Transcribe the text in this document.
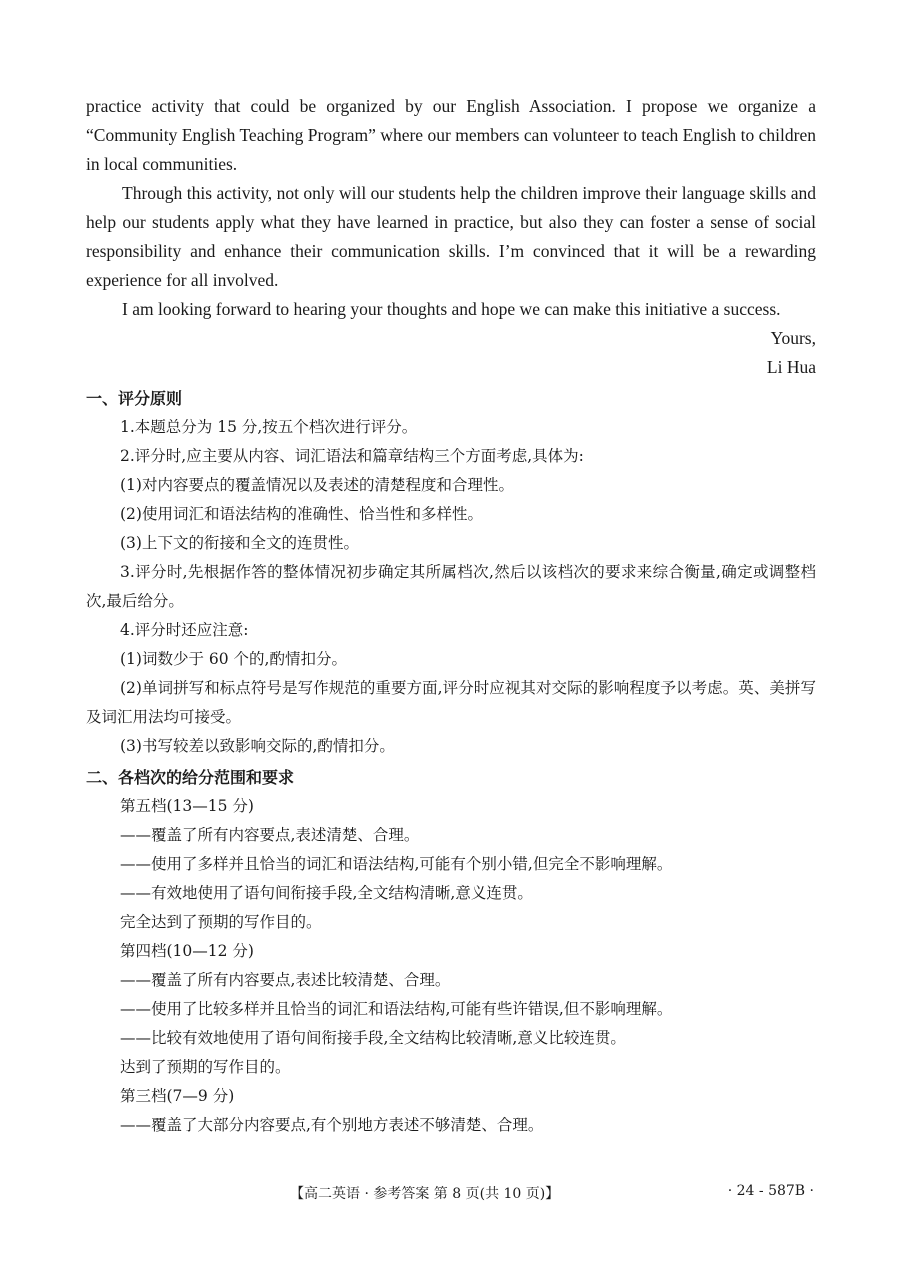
practice activity that could be organized by our English Association. I propose we organize a “Community English Teaching Program” where our members can volunteer to teach English to children in local communities.

Through this activity, not only will our students help the children improve their language skills and help our students apply what they have learned in practice, but also they can foster a sense of social responsibility and enhance their communication skills. I’m convinced that it will be a rewarding experience for all involved.

I am looking forward to hearing your thoughts and hope we can make this initiative a success.

Yours,

Li Hua

一、评分原则

1.本题总分为 15 分,按五个档次进行评分。

2.评分时,应主要从内容、词汇语法和篇章结构三个方面考虑,具体为:

(1)对内容要点的覆盖情况以及表述的清楚程度和合理性。

(2)使用词汇和语法结构的准确性、恰当性和多样性。

(3)上下文的衔接和全文的连贯性。

3.评分时,先根据作答的整体情况初步确定其所属档次,然后以该档次的要求来综合衡量,确定或调整档次,最后给分。

4.评分时还应注意:

(1)词数少于 60 个的,酌情扣分。

(2)单词拼写和标点符号是写作规范的重要方面,评分时应视其对交际的影响程度予以考虑。英、美拼写及词汇用法均可接受。

(3)书写较差以致影响交际的,酌情扣分。

二、各档次的给分范围和要求

第五档(13—15 分)

——覆盖了所有内容要点,表述清楚、合理。

——使用了多样并且恰当的词汇和语法结构,可能有个别小错,但完全不影响理解。

——有效地使用了语句间衔接手段,全文结构清晰,意义连贯。

完全达到了预期的写作目的。

第四档(10—12 分)

——覆盖了所有内容要点,表述比较清楚、合理。

——使用了比较多样并且恰当的词汇和语法结构,可能有些许错误,但不影响理解。

——比较有效地使用了语句间衔接手段,全文结构比较清晰,意义比较连贯。

达到了预期的写作目的。

第三档(7—9 分)

——覆盖了大部分内容要点,有个别地方表述不够清楚、合理。

【高二英语 · 参考答案 第 8 页(共 10 页)】	· 24 - 587B ·
